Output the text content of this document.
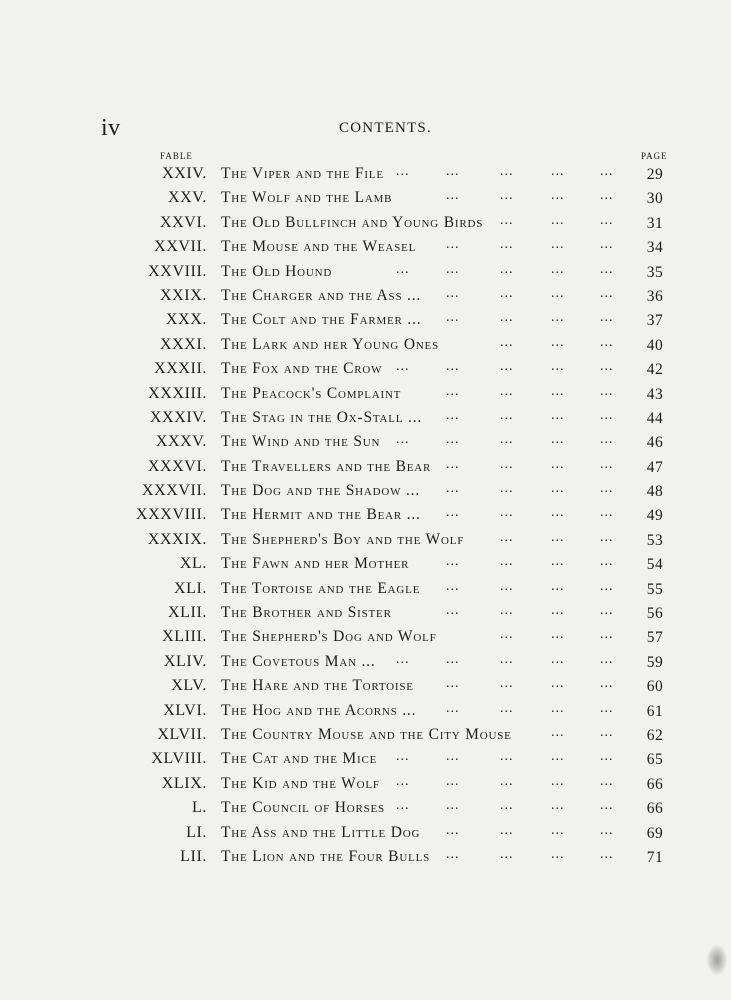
iv	CONTENTS.
FABLE	PAGE
XXIV. The Viper and the File ...	...	...	...	...	29
XXV. The Wolf and the Lamb	...	...	...	...	30
XXVI. The Old Bullfinch and Young Birds ...	...	...	31
XXVII. The Mouse and the Weasel ...	...	...	...	34
XXVIII. The Old Hound	...	...	...	...	...	35
XXIX. The Charger and the Ass ... ...	...	...	...	36
XXX. The Colt and the Farmer ... ...	...	...	...	37
XXXI. The Lark and her Young Ones	...	...	...	40
XXXII. The Fox and the Crow ...	...	...	...	...	42
XXXIII. The Peacock's Complaint	...	...	...	...	43
XXXIV. The Stag in the Ox-Stall ... ...	...	...	...	44
XXXV. The Wind and the Sun ...	...	...	...	...	46
XXXVI. The Travellers and the Bear ...	...	...	...	47
XXXVII. The Dog and the Shadow ... ...	...	...	...	48
XXXVIII. The Hermit and the Bear ... ...	...	...	...	49
XXXIX. The Shepherd's Boy and the Wolf	...	...	...	53
XL. The Fawn and her Mother	...	...	...	...	54
XLI. The Tortoise and the Eagle ...	...	...	...	55
XLII. The Brother and Sister	...	...	...	...	56
XLIII. The Shepherd's Dog and Wolf	...	...	...	57
XLIV. The Covetous Man ... ...	...	...	...	...	59
XLV. The Hare and the Tortoise ...	...	...	...	60
XLVI. The Hog and the Acorns ... ...	...	...	...	61
XLVII. The Country Mouse and the City Mouse	...	...	62
XLVIII. The Cat and the Mice ...	...	...	...	...	65
XLIX. The Kid and the Wolf ...	...	...	...	...	66
L. The Council of Horses ...	...	...	...	...	66
LI. The Ass and the Little Dog ...	...	...	...	69
LII. The Lion and the Four Bulls ...	...	...	...	71
